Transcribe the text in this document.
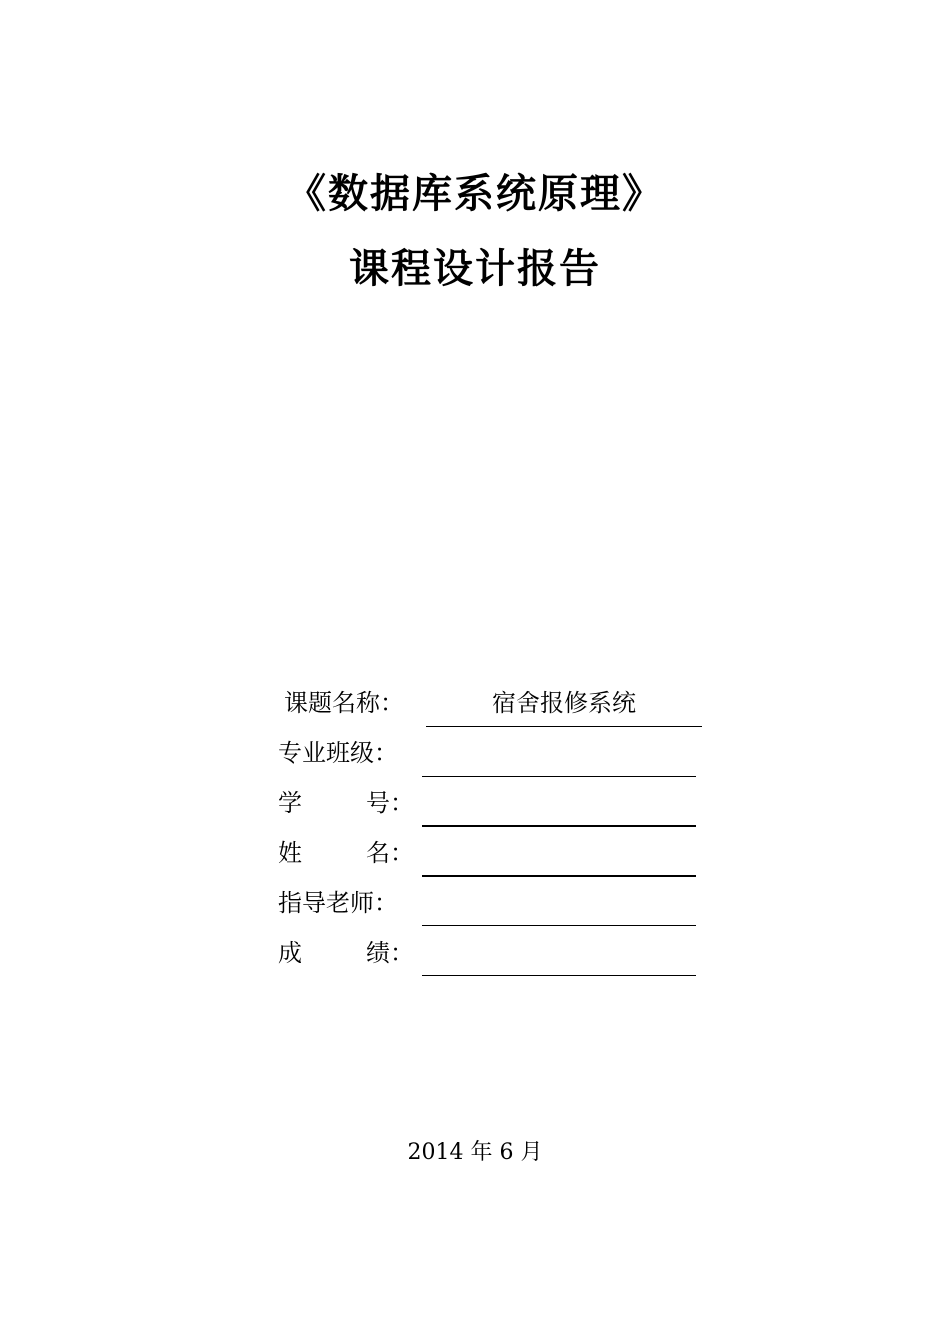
《数据库系统原理》
课程设计报告
课题名称：	宿舍报修系统
专业班级：
学	号：
姓	名：
指导老师：
成	绩：
2014 年 6 月
